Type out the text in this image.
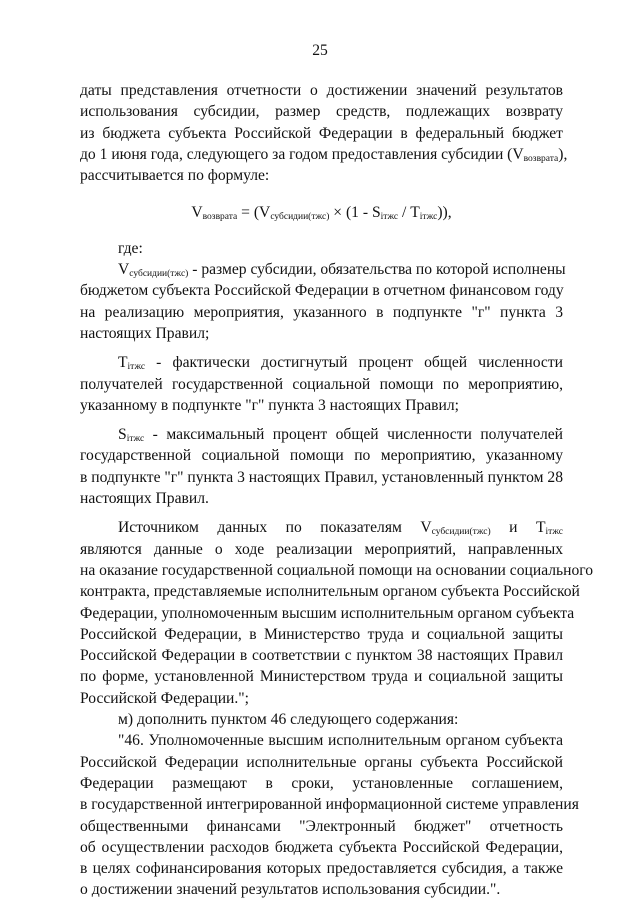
25
даты представления отчетности о достижении значений результатов
использования субсидии, размер средств, подлежащих возврату
из бюджета субъекта Российской Федерации в федеральный бюджет
до 1 июня года, следующего за годом предоставления субсидии $(V_{возврата})$,
рассчитывается по формуле:
$V_{возврата} = (V_{субсидии(тжс)} \times (1 - S_{ітжс} / T_{ітжс}))$,
где:
$V_{субсидии(тжс)}$ - размер субсидии, обязательства по которой исполнены
бюджетом субъекта Российской Федерации в отчетном финансовом году
на реализацию мероприятия, указанного в подпункте "г" пункта 3
настоящих Правил;
$T_{ітжс}$ - фактически достигнутый процент общей численности
получателей государственной социальной помощи по мероприятию,
указанному в подпункте "г" пункта 3 настоящих Правил;
$S_{ітжс}$ - максимальный процент общей численности получателей
государственной социальной помощи по мероприятию, указанному
в подпункте "г" пункта 3 настоящих Правил, установленный пунктом 28
настоящих Правил.
Источником данных по показателям $V_{субсидии(тжс)}$ и $T_{ітжс}$
являются данные о ходе реализации мероприятий, направленных
на оказание государственной социальной помощи на основании социального
контракта, представляемые исполнительным органом субъекта Российской
Федерации, уполномоченным высшим исполнительным органом субъекта
Российской Федерации, в Министерство труда и социальной защиты
Российской Федерации в соответствии с пунктом 38 настоящих Правил
по форме, установленной Министерством труда и социальной защиты
Российской Федерации.";
м) дополнить пунктом 46 следующего содержания:
"46. Уполномоченные высшим исполнительным органом субъекта
Российской Федерации исполнительные органы субъекта Российской
Федерации размещают в сроки, установленные соглашением,
в государственной интегрированной информационной системе управления
общественными финансами "Электронный бюджет" отчетность
об осуществлении расходов бюджета субъекта Российской Федерации,
в целях софинансирования которых предоставляется субсидия, а также
о достижении значений результатов использования субсидии.".
